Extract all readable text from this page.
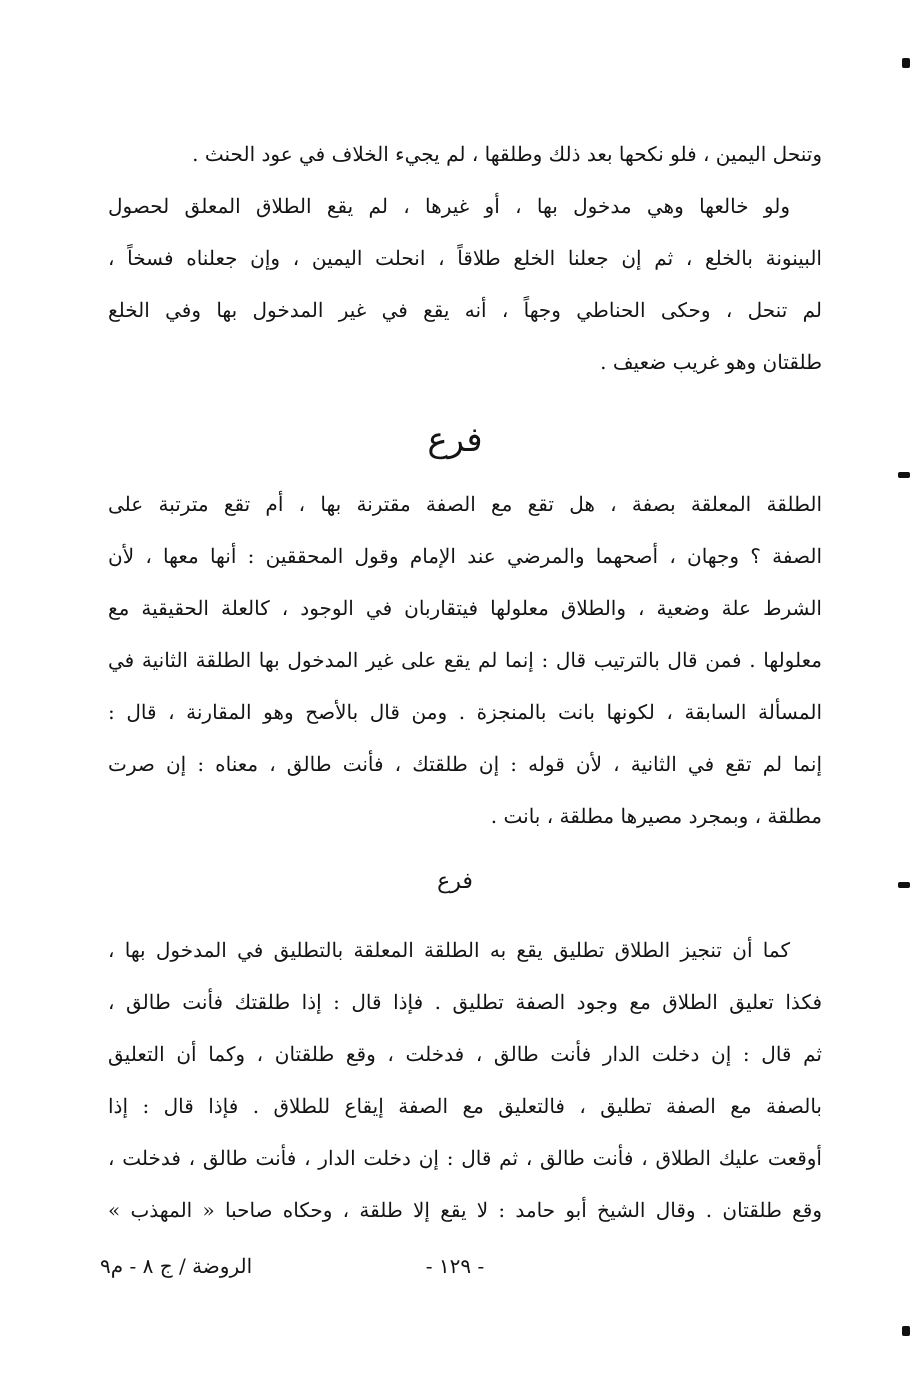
وتنحل اليمين ، فلو نكحها بعد ذلك وطلقها ، لم يجيء الخلاف في عود الحنث .
ولو خالعها وهي مدخول بها ، أو غيرها ، لم يقع الطلاق المعلق لحصول
البينونة بالخلع ، ثم إن جعلنا الخلع طلاقاً ، انحلت اليمين ، وإن جعلناه فسخاً ،
لم تنحل ، وحكى الحناطي وجهاً ، أنه يقع في غير المدخول بها وفي الخلع
طلقتان وهو غريب ضعيف .
فرع
الطلقة المعلقة بصفة ، هل تقع مع الصفة مقترنة بها ، أم تقع مترتبة على
الصفة ؟ وجهان ، أصحهما والمرضي عند الإمام وقول المحققين : أنها معها ، لأن
الشرط علة وضعية ، والطلاق معلولها فيتقاربان في الوجود ، كالعلة الحقيقية مع
معلولها . فمن قال بالترتيب قال : إنما لم يقع على غير المدخول بها الطلقة الثانية في
المسألة السابقة ، لكونها بانت بالمنجزة . ومن قال بالأصح وهو المقارنة ، قال :
إنما لم تقع في الثانية ، لأن قوله : إن طلقتك ، فأنت طالق ، معناه : إن صرت
مطلقة ، وبمجرد مصيرها مطلقة ، بانت .
فرع
كما أن تنجيز الطلاق تطليق يقع به الطلقة المعلقة بالتطليق في المدخول بها ،
فكذا تعليق الطلاق مع وجود الصفة تطليق . فإذا قال : إذا طلقتك فأنت طالق ،
ثم قال : إن دخلت الدار فأنت طالق ، فدخلت ، وقع طلقتان ، وكما أن التعليق
بالصفة مع الصفة تطليق ، فالتعليق مع الصفة إيقاع للطلاق . فإذا قال : إذا
أوقعت عليك الطلاق ، فأنت طالق ، ثم قال : إن دخلت الدار ، فأنت طالق ، فدخلت ،
وقع طلقتان . وقال الشيخ أبو حامد : لا يقع إلا طلقة ، وحكاه صاحبا « المهذب »
- ١٢٩ -
الروضة / ج ٨ - م٩
